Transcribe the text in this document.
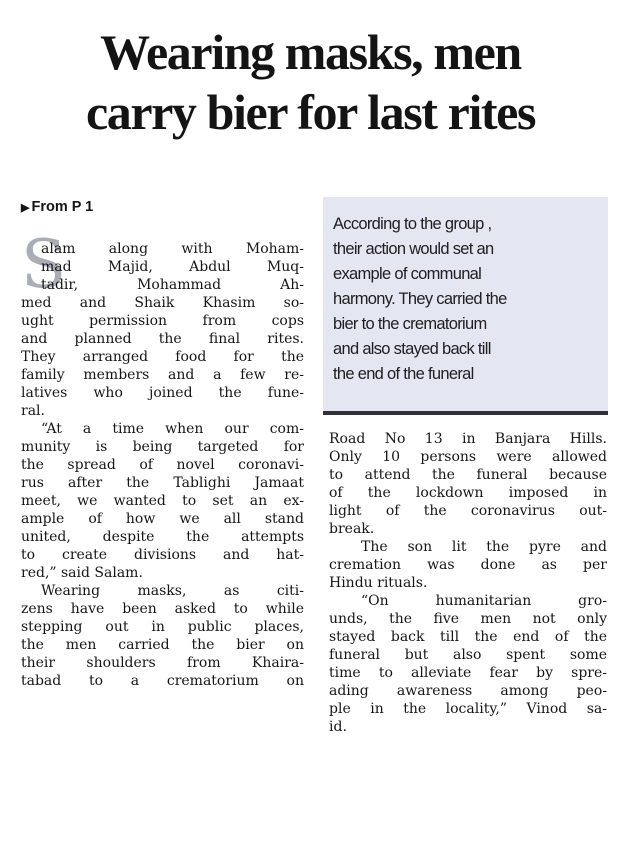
Wearing masks, men
carry bier for last rites
▶ From P 1
S
alam along with Moham-
mad Majid, Abdul Muq-
tadir, Mohammad Ah-
med and Shaik Khasim so-
ught permission from cops
and planned the final rites.
They arranged food for the
family members and a few re-
latives who joined the fune-
ral.
“At a time when our com-
munity is being targeted for
the spread of novel coronavi-
rus after the Tablighi Jamaat
meet, we wanted to set an ex-
ample of how we all stand
united, despite the attempts
to create divisions and hat-
red,” said Salam.
Wearing masks, as citi-
zens have been asked to while
stepping out in public places,
the men carried the bier on
their shoulders from Khaira-
tabad to a crematorium on
According to the group ,
their action would set an
example of communal
harmony. They carried the
bier to the crematorium
and also stayed back till
the end of the funeral
Road No 13 in Banjara Hills.
Only 10 persons were allowed
to attend the funeral because
of the lockdown imposed in
light of the coronavirus out-
break.
The son lit the pyre and
cremation was done as per
Hindu rituals.
“On humanitarian gro-
unds, the five men not only
stayed back till the end of the
funeral but also spent some
time to alleviate fear by spre-
ading awareness among peo-
ple in the locality,” Vinod sa-
id.
